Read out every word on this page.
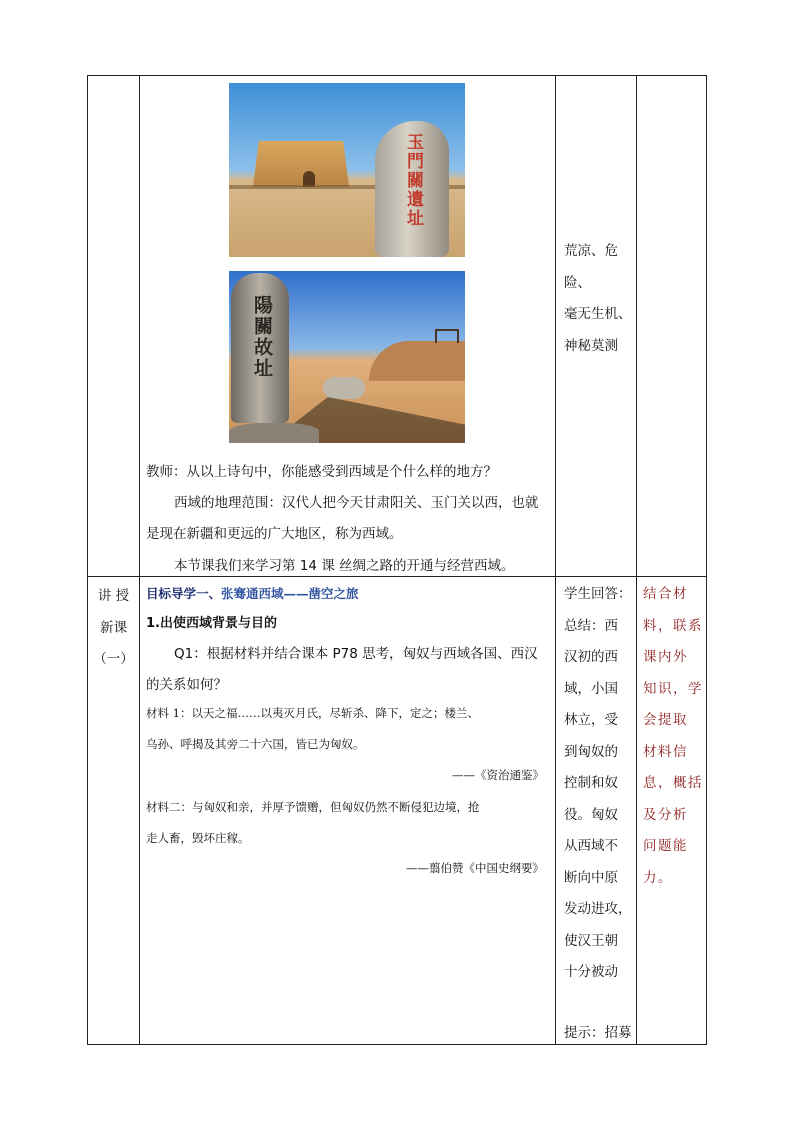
玉門關遺址
陽關故址
教师：从以上诗句中，你能感受到西域是个什么样的地方？
西域的地理范围：汉代人把今天甘肃阳关、玉门关以西，也就
是现在新疆和更远的广大地区，称为西域。
本节课我们来学习第 14 课 丝绸之路的开通与经营西域。
荒凉、危险、
毫无生机、
神秘莫测
讲 授
新课
（一）
目标导学一、张骞通西域——凿空之旅
1.出使西域背景与目的
Q1：根据材料并结合课本 P78 思考，匈奴与西域各国、西汉
的关系如何？
材料 1：以天之福……以夷灭月氏，尽斩杀、降下，定之；楼兰、
乌孙、呼揭及其旁二十六国，皆已为匈奴。
——《资治通鉴》
材料二：与匈奴和亲，并厚予馈赠，但匈奴仍然不断侵犯边境，抢
走人畜，毁坏庄稼。
——翦伯赞《中国史纲要》
学生回答：
总结：西
汉初的西
域，小国
林立，受
到匈奴的
控制和奴
役。匈奴
从西域不
断向中原
发动进攻，
使汉王朝
十分被动
提示：招募
结合材
料，联系
课内外
知识，学
会提取
材料信
息，概括
及分析
问题能
力。
